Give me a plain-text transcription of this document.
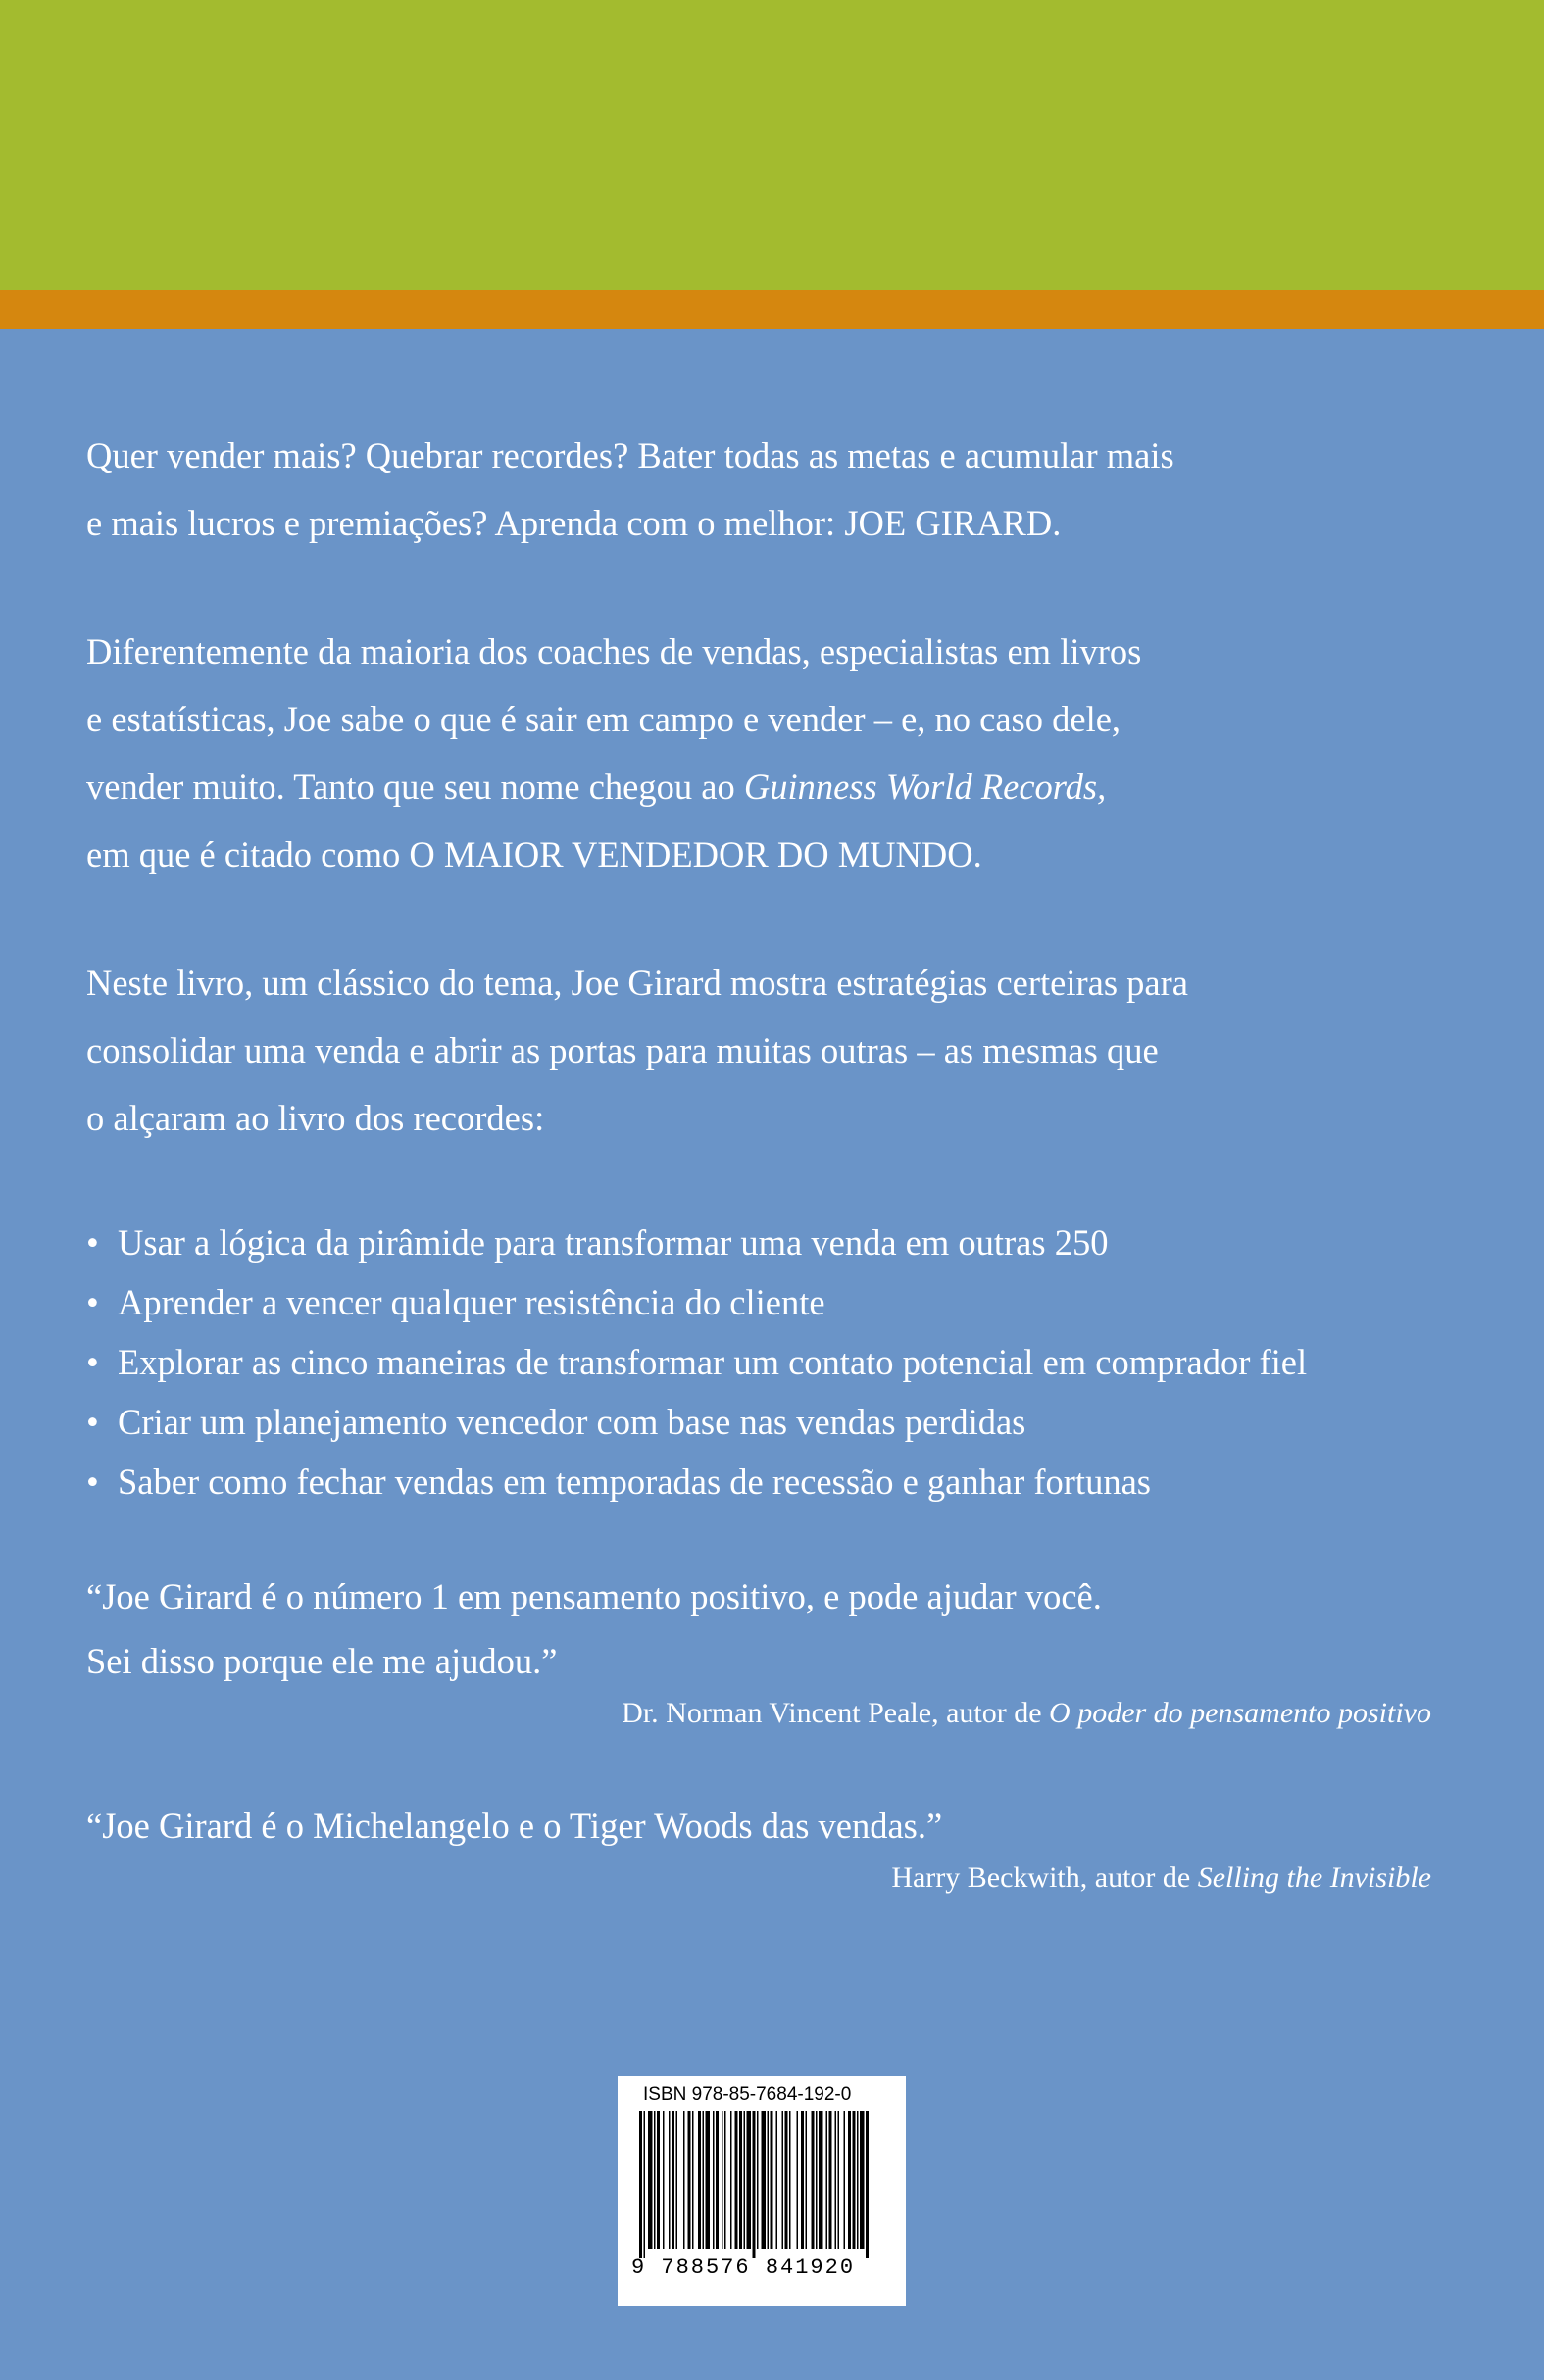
Quer vender mais? Quebrar recordes? Bater todas as metas e acumular mais
e mais lucros e premiações? Aprenda com o melhor: JOE GIRARD.

Diferentemente da maioria dos coaches de vendas, especialistas em livros
e estatísticas, Joe sabe o que é sair em campo e vender – e, no caso dele,
vender muito. Tanto que seu nome chegou ao Guinness World Records,
em que é citado como O MAIOR VENDEDOR DO MUNDO.

Neste livro, um clássico do tema, Joe Girard mostra estratégias certeiras para
consolidar uma venda e abrir as portas para muitas outras – as mesmas que
o alçaram ao livro dos recordes:

• Usar a lógica da pirâmide para transformar uma venda em outras 250
• Aprender a vencer qualquer resistência do cliente
• Explorar as cinco maneiras de transformar um contato potencial em comprador fiel
• Criar um planejamento vencedor com base nas vendas perdidas
• Saber como fechar vendas em temporadas de recessão e ganhar fortunas

“Joe Girard é o número 1 em pensamento positivo, e pode ajudar você.
Sei disso porque ele me ajudou.”

Dr. Norman Vincent Peale, autor de O poder do pensamento positivo

“Joe Girard é o Michelangelo e o Tiger Woods das vendas.”

Harry Beckwith, autor de Selling the Invisible

ISBN 978-85-7684-192-0
9 788576 841920
